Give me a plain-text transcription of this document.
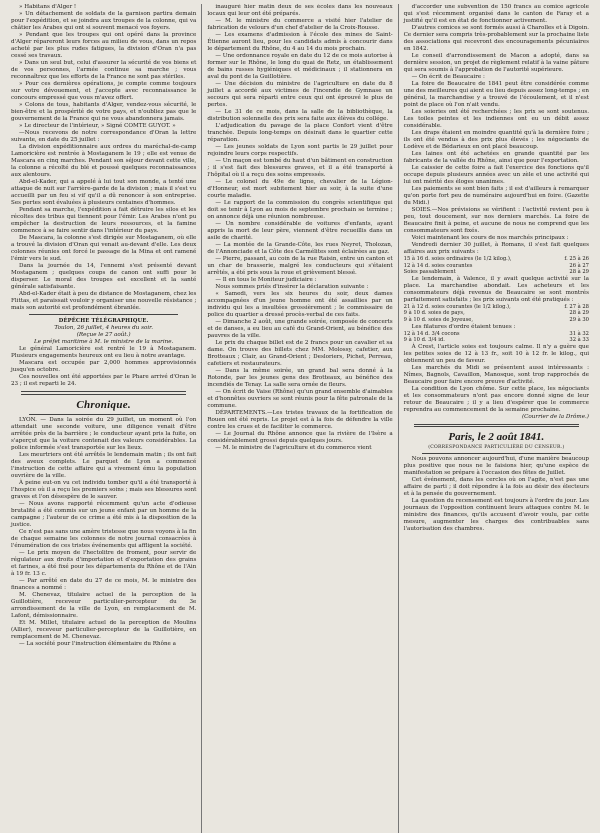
» Habitans d'Alger !

» Un détachement de soldats de la garnison partira demain pour l'expédition, et se joindra aux troupes de la colonne, qui va châtier les Arabes qui ont si souvent menacé vos foyers.

» Pendant que les troupes qui ont opéré dans la province d'Alger répareront leurs forces au milieu de vous, dans un repos acheté par les plus rudes fatigues, la division d'Oran n'a pas cessé ses travaux.

» Dans un seul but, celui d'assurer la sécurité de vos biens et de vos personnes, l'armée continue sa marche ; vous reconnaîtrez que les efforts de la France ne sont pas stériles.

» Pour ces dernières opérations, je compte comme toujours sur votre dévouement, et j'accepte avec reconnaissance le concours empressé que vous m'avez offert.

» Colons de tous, habitants d'Alger, vendez-vous sécurité, le bien-être et la prospérité de votre pays, et n'oubliez pas que le gouvernement de la France qui ne vous abandonnera jamais.

» Le directeur de l'intérieur, » Signé COMTE GUYOT. »

—Nous recevons de notre correspondance d'Oran la lettre suivante, en date du 25 juillet :

La division expéditionnaire aux ordres du maréchal-de-camp Lamoricière est rentrée à Mostaganem le 19 ; elle est venue de Mascara en cinq marches. Pendant son séjour devant cette ville, la colonne a récolté du blé et poussé quelques reconnaissances aux alentours.

Abd-el-Kader, qui a appelé à lui tout son monde, a tenté une attaque de nuit sur l'arrière-garde de la division ; mais il s'est vu accueilli par un feu si vif qu'il a dû renoncer à son entreprise. Ses pertes sont évaluées à plusieurs centaines d'hommes.

Pendant sa marche, l'expédition a fait détruire les silos et les récoltes des tribus qui tiennent pour l'émir. Les Arabes n'ont pu empêcher la destruction de leurs ressources, et la famine commence à se faire sentir dans l'intérieur du pays.

De Mascara, la colonne s'est dirigée sur Mostaganem, où elle a trouvé la division d'Oran qui venait au-devant d'elle. Les deux colonnes réunies ont forcé le passage de la Mina et ont ramené l'émir vers le sud.

Dans la journée du 14, l'ennemi s'est présenté devant Mostaganem ; quelques coups de canon ont suffi pour le disperser. Le moral des troupes est excellent et la santé générale satisfaisante.

Abd-el-Kader était à peu de distance de Mostaganem, chez les Flittas, et paraissait vouloir y organiser une nouvelle résistance ; mais son autorité est profondément ébranlée.

DÉPÊCHE TÉLÉGRAPHIQUE.

Toulon, 26 juillet, 4 heures du soir.

(Reçue le 27 août.)

Le préfet maritime à M. le ministre de la marine.

Le général Lamoricière est rentré le 19 à Mostaganem. Plusieurs engagements heureux ont eu lieu à notre avantage.

Mascara est occupée par 2,000 hommes approvisionnés jusqu'en octobre.

Ces nouvelles ont été apportées par le Phare arrivé d'Oran le 23 ; il est reparti le 24.

Chronique.

LYON. — Dans la soirée du 29 juillet, un moment où l'on attendait une seconde voiture, une diligence venait d'être arrêtée près de la barrière ; le conducteur ayant pris la fuite, on s'aperçut que la voiture contenait des valeurs considérables. La police informée s'est transportée sur les lieux.

Les meurtriers ont été arrêtés le lendemain matin ; ils ont fait des aveux complets. Le parquet de Lyon a commencé l'instruction de cette affaire qui a vivement ému la population ouvrière de la ville.

À peine eut-on vu cet individu tomber qu'il a été transporté à l'hospice où il a reçu les premiers soins ; mais ses blessures sont graves et l'on désespère de le sauver.

— Nous avons rapporté récemment qu'un acte d'odieuse brutalité a été commis sur un jeune enfant par un homme de la campagne ; l'auteur de ce crime a été mis à la disposition de la justice.

Ce n'est pas sans une amère tristesse que nous voyons à la fin de chaque semaine les colonnes de notre journal consacrées à l'énumération de ces tristes événements qui affligent la société.

— Le prix moyen de l'hectolitre de froment, pour servir de régulateur aux droits d'importation et d'exportation des grains et farines, a été fixé pour les départements du Rhône et de l'Ain à 19 fr. 13 c.

— Par arrêté en date du 27 de ce mois, M. le ministre des finances a nommé :

M. Chenevaz, titulaire actuel de la perception de la Guillotière, receveur particulier-percepteur du 3e arrondissement de la ville de Lyon, en remplacement de M. Lafont, démissionnaire.

Et M. Millet, titulaire actuel de la perception de Moulins (Allier), receveur particulier-percepteur de la Guillotière, en remplacement de M. Chenevaz.

— La société pour l'instruction élémentaire du Rhône a

inauguré hier matin deux de ses écoles dans les nouveaux locaux qui leur ont été préparés.

— M. le ministre du commerce a visité hier l'atelier de fabrication de velours d'un chef d'atelier de la Croix-Rousse.

— Les examens d'admission à l'école des mines de Saint-Étienne auront lieu, pour les candidats admis à concourir dans le département du Rhône, du 4 au 14 du mois prochain.

— Une ordonnance royale en date du 12 de ce mois autorise à former sur le Rhône, le long du quai de Retz, un établissement de bains russes hygiéniques et médicinaux ; il stationnera en aval du pont de la Guillotière.

— Une décision du ministre de l'agriculture en date du 8 juillet a accordé aux victimes de l'incendie de Gymnase un secours qui sera réparti entre ceux qui ont éprouvé le plus de pertes.

— Le 31 de ce mois, dans la salle de la bibliothèque, la distribution solennelle des prix sera faite aux élèves du collége.

L'adjudication du pavage de la place Confort vient d'être tranchée. Depuis long-temps on désirait dans le quartier cette réparation.

— Les jeunes soldats de Lyon sont partis le 29 juillet pour rejoindre leurs corps respectifs.

— Un maçon est tombé du haut d'un bâtiment en construction ; il s'est fait des blessures graves, et il a été transporté à l'hôpital où il a reçu des soins empressés.

— Le colonel du 49e de ligne, chevalier de la Légion-d'Honneur, est mort subitement hier au soir, à la suite d'une courte maladie.

— Le rapport de la commission du congrès scientifique qui doit se tenir à Lyon au mois de septembre prochain se termine ; on annonce déjà une réunion nombreuse.

— Un nombre considérable de voitures d'enfants, ayant appris la mort de leur père, viennent d'être recueillis dans un asile de charité.

— La montée de la Grande-Côte, les rues Neyret, Tholozan, de l'Annonciade et la Côte des Carmélites sont éclairées au gaz.

— Pierre, passant, au coin de la rue Raisin, entre un canton et un char de brasserie, malgré les conducteurs qui s'étaient arrêtés, a été pris sous la roue et grièvement blessé.

— Il en tous le Moniteur judiciaire :

Nous sommes priés d'insérer la déclaration suivante :

« Samedi, vers les six heures du soir, deux dames accompagnées d'un jeune homme ont été assaillies par un individu qui les a insultées grossièrement ; le commissaire de police du quartier a dressé procès-verbal de ces faits.

— Dimanche 2 août, une grande soirée, composée de concerts et de danses, a eu lieu au café du Grand-Orient, au bénéfice des pauvres de la ville.

Le prix du chaque billet est de 2 francs pour un cavalier et sa dame. On trouve des billets chez MM. Molossy, cafetier, aux Brotteaux ; Clair, au Grand-Orient ; Desloriers, Pichet, Perreau, cafetiers et restaurateurs.

— Dans la même soirée, un grand bal sera donné à la Rotonde, par les jeunes gens des Brotteaux, au bénéfice des incendiés de Tenay. La salle sera ornée de fleurs.

— On écrit de Vaise (Rhône) qu'un grand ensemble d'aimables et d'honnêtes ouvriers se sont réunis pour la fête patronale de la commune.

DÉPARTEMENTS.—Les tristes travaux de la fortification de Rouen ont été repris. Le projet est à la fois de défendre la ville contre les crues et de faciliter le commerce.

— Le Journal du Rhône annonce que la rivière de l'Isère a considérablement grossi depuis quelques jours.

— M. le ministre de l'agriculture et du commerce vient

d'accorder une subvention de 150 francs au comice agricole qui s'est récemment organisé dans le canton de Faray et a justifié qu'il est en état de fonctionner activement.

D'autres comices se sont formés aussi à Charolles et à Digoin. Ce dernier sera compris très-probablement sur la prochaine liste des associations qui recevront des encouragements pécuniaires en 1842.

Le conseil d'arrondissement de Macon a adopté, dans sa dernière session, un projet de règlement relatif à la vaine pâture qui sera soumis à l'approbation de l'autorité supérieure.

— On écrit de Beaucaire :

La foire de Beaucaire de 1841 peut être considérée comme une des meilleures qui aient eu lieu depuis assez long-temps ; en général, la marchandise y a trouvé de l'écoulement, et il n'est point de place où l'on n'ait vendu.

Les soieries ont été recherchées ; les prix se sont soutenus. Les toiles peintes et les indiennes ont eu un débit assez considérable.

Les draps étaient en moindre quantité qu'à la dernière foire ; ils ont été vendus à des prix plus élevés ; les négociants de Lodève et de Bédarieux en ont placé beaucoup.

Les laines ont été achetées en grande quantité par les fabricants de la vallée du Rhône, ainsi que pour l'exportation.

Le caissier de cette foire a fait l'exercice des fonctions qu'il occupe depuis plusieurs années avec un zèle et une activité qui lui ont mérité des éloges unanimes.

Les paiements se sont bien faits ; il est d'ailleurs à remarquer qu'on porte fort peu de numéraire aujourd'hui en foire. (Gazette du Midi.)

SOIES.—Nos prévisions se vérifient : l'activité revient peu à peu, tout doucement, sur nos derniers marchés. La foire de Beaucaire finit à peine, et aucune de nous ne comprend que les consommateurs sont fixés.

Voici maintenant les cours de nos marchés principaux :

Vendredi dernier 30 juillet, à Romans, il s'est fait quelques affaires aux prix suivants :

15 à 16 d. soies ordinaires (le 1/2 kilog.),	f. 25 à 26
12 à 14 d. soies courantes	26 à 27
Soies passablement	28 à 29

Le lendemain, à Valence, il y avait quelque activité sur la place. La marchandise abondait. Les acheteurs et les consommateurs déjà revenus de Beaucaire se sont montrés parfaitement satisfaits ; les prix suivants ont été pratiqués :

21 à 12 d. soies courantes (le 1/2 kilog.),	f. 27 à 28
9 à 10 d. soies de pays,	28 à 29
9 à 10 d. soies de Joyeuse,	29 à 30

Les filatures d'ordre étaient tenues :

12 à 14 d. 3/4 cocons	31 à 32
9 à 10 d. 3/4 id.	32 à 33

À Crest, l'article soies est toujours calme. Il n'y a guère que les petites soies de 12 à 13 fr., soit 10 à 12 fr. le kilog., qui obtiennent un peu de faveur.

Les marchés du Midi se présentent aussi intéressants : Nîmes, Bagnols, Cavaillon, Manosque, sont trop rapprochés de Beaucaire pour faire encore preuve d'activité.

La condition de Lyon chôme. Sur cette place, les négociants et les consommateurs n'ont pas encore donné signe de leur retour de Beaucaire ; il y a lieu d'espérer que le commerce reprendra au commencement de la semaine prochaine.

(Courrier de la Drôme.)

Paris, le 2 août 1841.
(CORRESPONDANCE PARTICULIÈRE DU CENSEUR.)

Nous pouvons annoncer aujourd'hui, d'une manière beaucoup plus positive que nous ne le faisions hier, qu'une espèce de manifestation se prépare à l'occasion des fêtes de Juillet.

Cet événement, dans les cercles où on l'agite, n'est pas une affaire de parti ; il doit répondre à la fois au désir des électeurs et à la pensée du gouvernement.

La question du recensement est toujours à l'ordre du jour. Les journaux de l'opposition continuent leurs attaques contre M. le ministre des finances, qu'ils accusent d'avoir voulu, par cette mesure, augmenter les charges des contribuables sans l'autorisation des chambres.
